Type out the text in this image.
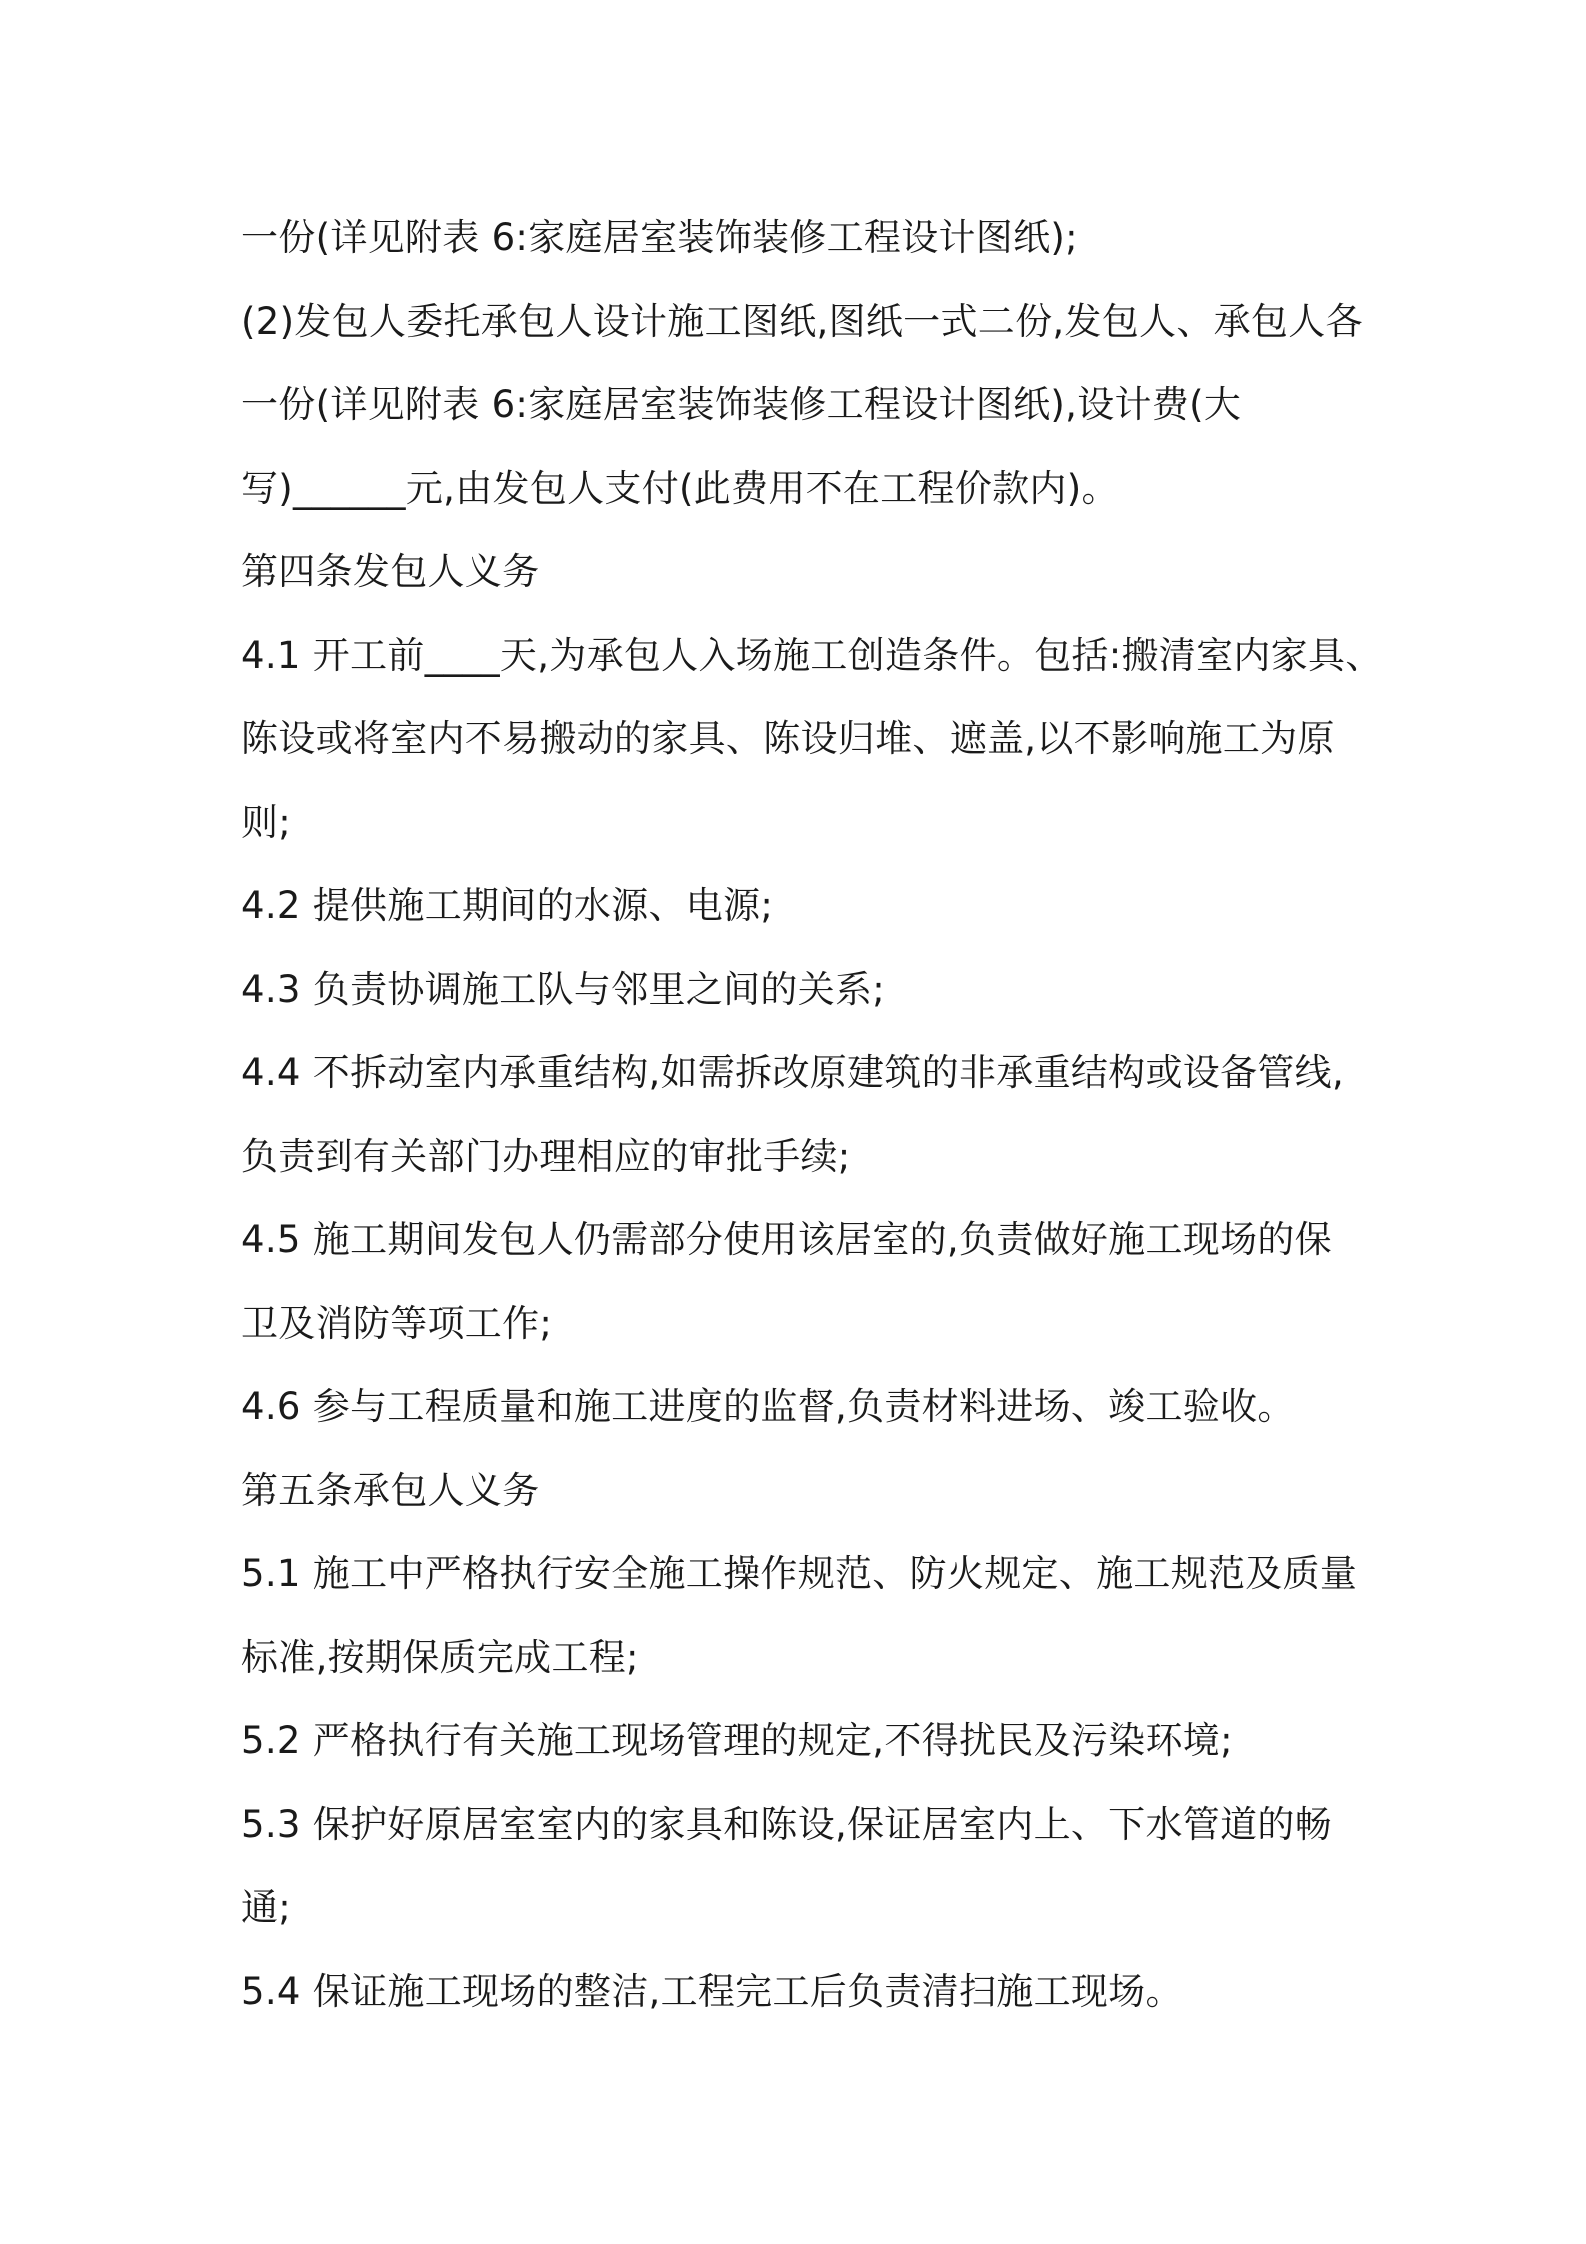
一份(详见附表 6:家庭居室装饰装修工程设计图纸);
(2)发包人委托承包人设计施工图纸,图纸一式二份,发包人、承包人各
一份(详见附表 6:家庭居室装饰装修工程设计图纸),设计费(大
写)______元,由发包人支付(此费用不在工程价款内)。
第四条发包人义务
4.1 开工前____天,为承包人入场施工创造条件。包括:搬清室内家具、
陈设或将室内不易搬动的家具、陈设归堆、遮盖,以不影响施工为原
则;
4.2 提供施工期间的水源、电源;
4.3 负责协调施工队与邻里之间的关系;
4.4 不拆动室内承重结构,如需拆改原建筑的非承重结构或设备管线,
负责到有关部门办理相应的审批手续;
4.5 施工期间发包人仍需部分使用该居室的,负责做好施工现场的保
卫及消防等项工作;
4.6 参与工程质量和施工进度的监督,负责材料进场、竣工验收。
第五条承包人义务
5.1 施工中严格执行安全施工操作规范、防火规定、施工规范及质量
标准,按期保质完成工程;
5.2 严格执行有关施工现场管理的规定,不得扰民及污染环境;
5.3 保护好原居室室内的家具和陈设,保证居室内上、下水管道的畅
通;
5.4 保证施工现场的整洁,工程完工后负责清扫施工现场。
